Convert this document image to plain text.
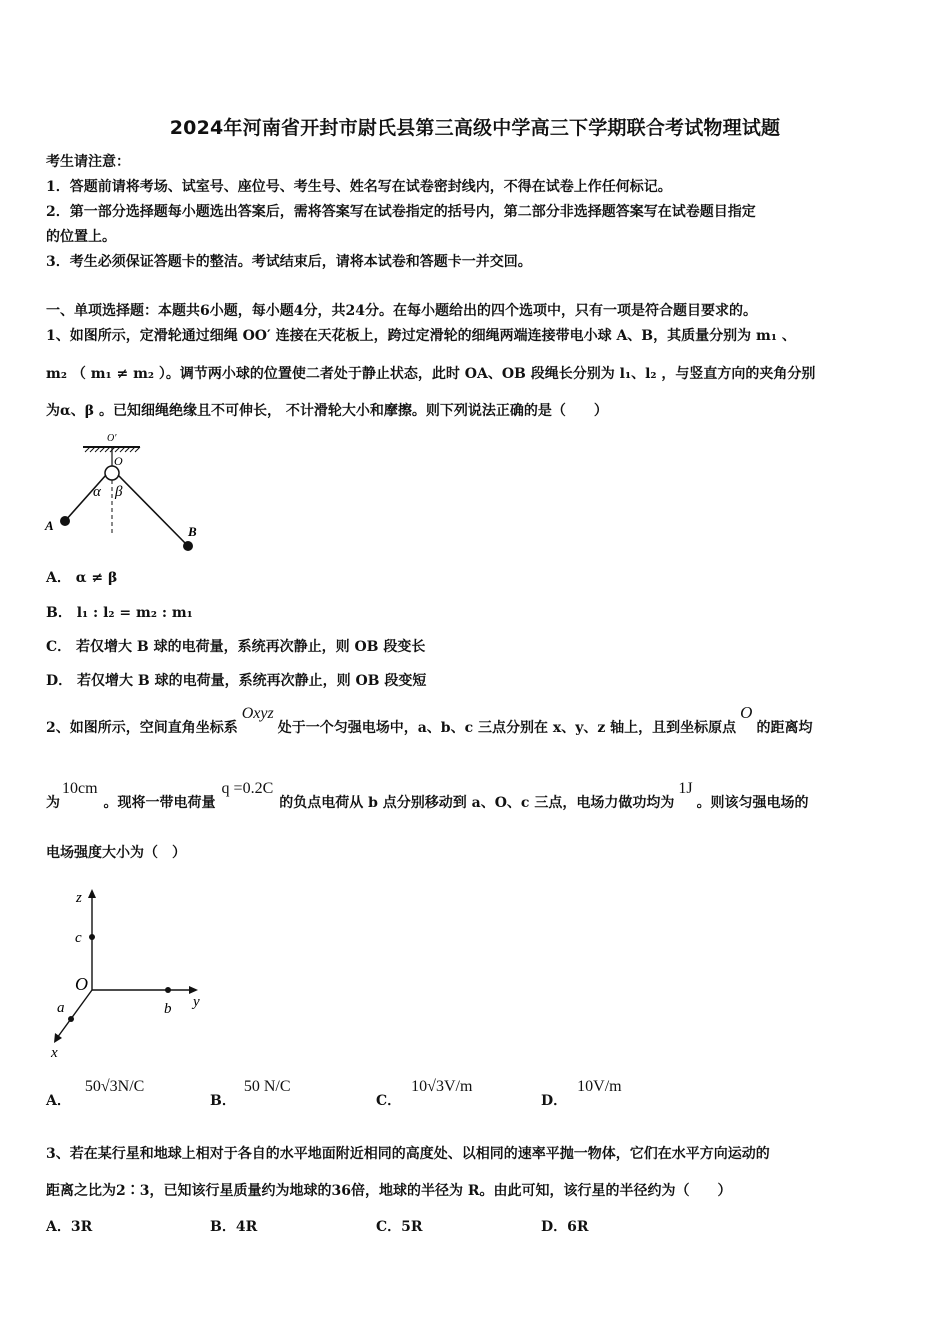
2024年河南省开封市尉氏县第三高级中学高三下学期联合考试物理试题
考生请注意：
1．答题前请将考场、试室号、座位号、考生号、姓名写在试卷密封线内，不得在试卷上作任何标记。
2．第一部分选择题每小题选出答案后，需将答案写在试卷指定的括号内，第二部分非选择题答案写在试卷题目指定
的位置上。
3．考生必须保证答题卡的整洁。考试结束后，请将本试卷和答题卡一并交回。
一、单项选择题：本题共6小题，每小题4分，共24分。在每小题给出的四个选项中，只有一项是符合题目要求的。
1、如图所示，定滑轮通过细绳 OO′ 连接在天花板上，跨过定滑轮的细绳两端连接带电小球 A、B，其质量分别为 m₁ 、
m₂ （ m₁ ≠ m₂ ）。调节两小球的位置使二者处于静止状态，此时 OA、OB 段绳长分别为 l₁、l₂ ，与竖直方向的夹角分别
为α、β 。已知细绳绝缘且不可伸长， 不计滑轮大小和摩擦。则下列说法正确的是（　　）
O′
O
α β
A	B
A． α ≠ β
B． l₁ : l₂ = m₂ : m₁
C． 若仅增大 B 球的电荷量，系统再次静止，则 OB 段变长
D． 若仅增大 B 球的电荷量，系统再次静止，则 OB 段变短
2、如图所示，空间直角坐标系Oxyz处于一个匀强电场中，a、b、c 三点分别在 x、y、z 轴上，且到坐标原点O的距离均
为10cm。现将一带电荷量q =0.2C的负点电荷从 b 点分别移动到 a、O、c 三点，电场力做功均为1J。则该匀强电场的
电场强度大小为（　）
z
c
O
a	b y
x
A．50√3N/C
B．50 N/C
C．10√3V/m
D．10V/m
3、若在某行星和地球上相对于各自的水平地面附近相同的高度处、以相同的速率平抛一物体，它们在水平方向运动的
距离之比为2∶3，已知该行星质量约为地球的36倍，地球的半径为 R。由此可知，该行星的半径约为（　　）
A．3R	B．4R	C．5R	D．6R
